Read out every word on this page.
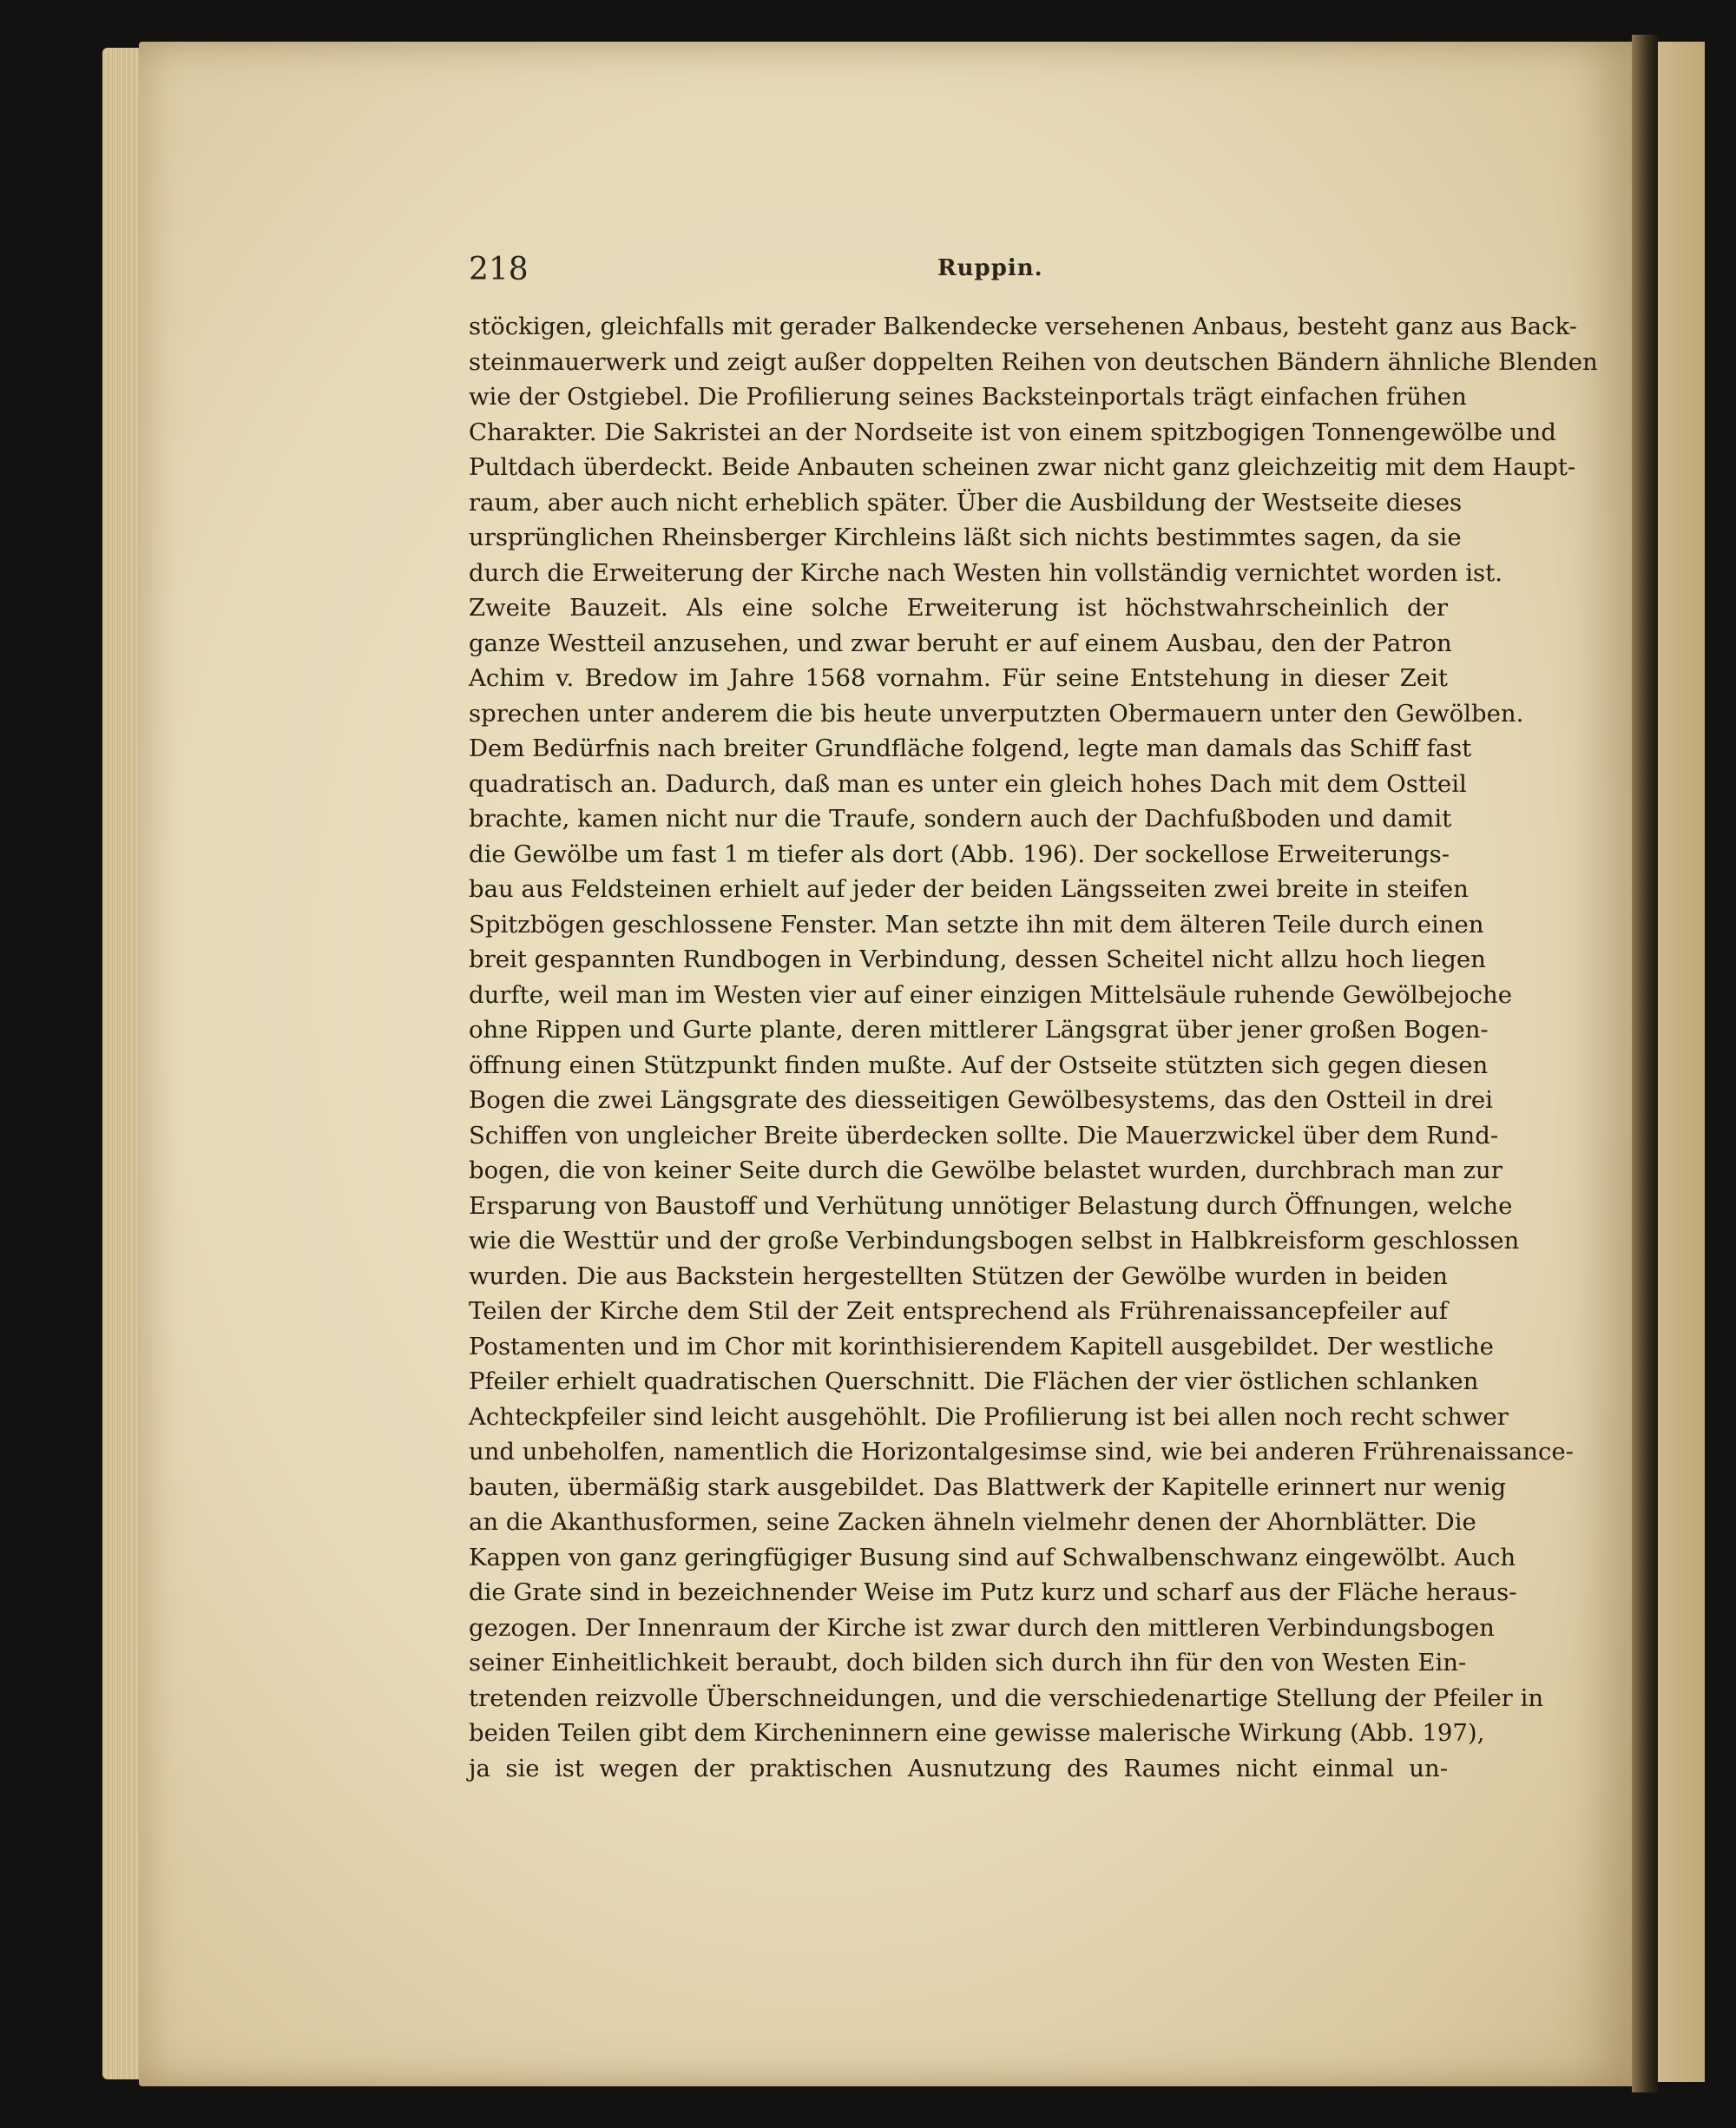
218	Ruppin.
stöckigen, gleichfalls mit gerader Balkendecke versehenen Anbaus, besteht ganz aus Back-
steinmauerwerk und zeigt außer doppelten Reihen von deutschen Bändern ähnliche Blenden
wie der Ostgiebel. Die Profilierung seines Backsteinportals trägt einfachen frühen
Charakter. Die Sakristei an der Nordseite ist von einem spitzbogigen Tonnengewölbe und
Pultdach überdeckt. Beide Anbauten scheinen zwar nicht ganz gleichzeitig mit dem Haupt-
raum, aber auch nicht erheblich später. Über die Ausbildung der Westseite dieses
ursprünglichen Rheinsberger Kirchleins läßt sich nichts bestimmtes sagen, da sie
durch die Erweiterung der Kirche nach Westen hin vollständig vernichtet worden ist.
Zweite Bauzeit. Als eine solche Erweiterung ist höchstwahrscheinlich der
ganze Westteil anzusehen, und zwar beruht er auf einem Ausbau, den der Patron
Achim v. Bredow im Jahre 1568 vornahm. Für seine Entstehung in dieser Zeit
sprechen unter anderem die bis heute unverputzten Obermauern unter den Gewölben.
Dem Bedürfnis nach breiter Grundfläche folgend, legte man damals das Schiff fast
quadratisch an. Dadurch, daß man es unter ein gleich hohes Dach mit dem Ostteil
brachte, kamen nicht nur die Traufe, sondern auch der Dachfußboden und damit
die Gewölbe um fast 1 m tiefer als dort (Abb. 196). Der sockellose Erweiterungs-
bau aus Feldsteinen erhielt auf jeder der beiden Längsseiten zwei breite in steifen
Spitzbögen geschlossene Fenster. Man setzte ihn mit dem älteren Teile durch einen
breit gespannten Rundbogen in Verbindung, dessen Scheitel nicht allzu hoch liegen
durfte, weil man im Westen vier auf einer einzigen Mittelsäule ruhende Gewölbejoche
ohne Rippen und Gurte plante, deren mittlerer Längsgrat über jener großen Bogen-
öffnung einen Stützpunkt finden mußte. Auf der Ostseite stützten sich gegen diesen
Bogen die zwei Längsgrate des diesseitigen Gewölbesystems, das den Ostteil in drei
Schiffen von ungleicher Breite überdecken sollte. Die Mauerzwickel über dem Rund-
bogen, die von keiner Seite durch die Gewölbe belastet wurden, durchbrach man zur
Ersparung von Baustoff und Verhütung unnötiger Belastung durch Öffnungen, welche
wie die Westtür und der große Verbindungsbogen selbst in Halbkreisform geschlossen
wurden. Die aus Backstein hergestellten Stützen der Gewölbe wurden in beiden
Teilen der Kirche dem Stil der Zeit entsprechend als Frührenaissancepfeiler auf
Postamenten und im Chor mit korinthisierendem Kapitell ausgebildet. Der westliche
Pfeiler erhielt quadratischen Querschnitt. Die Flächen der vier östlichen schlanken
Achteckpfeiler sind leicht ausgehöhlt. Die Profilierung ist bei allen noch recht schwer
und unbeholfen, namentlich die Horizontalgesimse sind, wie bei anderen Frührenaissance-
bauten, übermäßig stark ausgebildet. Das Blattwerk der Kapitelle erinnert nur wenig
an die Akanthusformen, seine Zacken ähneln vielmehr denen der Ahornblätter. Die
Kappen von ganz geringfügiger Busung sind auf Schwalbenschwanz eingewölbt. Auch
die Grate sind in bezeichnender Weise im Putz kurz und scharf aus der Fläche heraus-
gezogen. Der Innenraum der Kirche ist zwar durch den mittleren Verbindungsbogen
seiner Einheitlichkeit beraubt, doch bilden sich durch ihn für den von Westen Ein-
tretenden reizvolle Überschneidungen, und die verschiedenartige Stellung der Pfeiler in
beiden Teilen gibt dem Kircheninnern eine gewisse malerische Wirkung (Abb. 197),
ja sie ist wegen der praktischen Ausnutzung des Raumes nicht einmal un-
